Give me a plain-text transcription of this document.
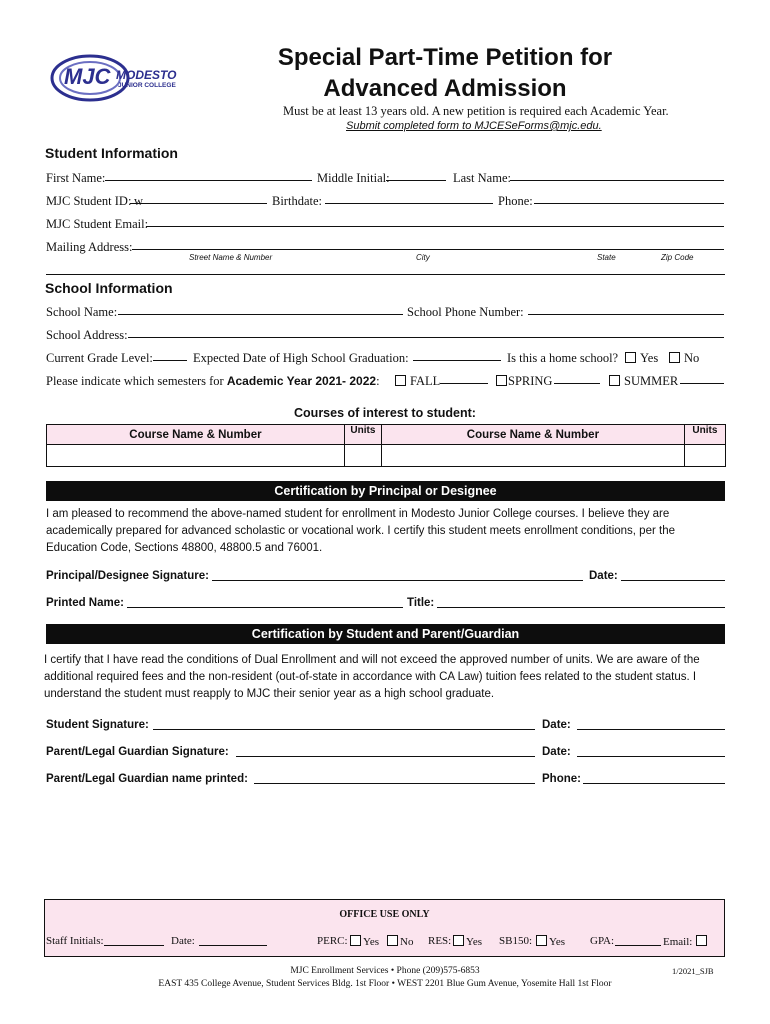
MJC MODESTO
JUNIOR COLLEGE
Special Part-Time Petition for
Advanced Admission
Must be at least 13 years old. A new petition is required each Academic Year.
Submit completed form to MJCESeForms@mjc.edu.
Student Information
First Name:	Middle Initial:	Last Name:
MJC Student ID: w	Birthdate:	Phone:
MJC Student Email:
Mailing Address:
Street Name & Number	City	State	Zip Code
School Information
School Name:	School Phone Number:
School Address:
Current Grade Level:	Expected Date of High School Graduation:	Is this a home school?	Yes	No
Please indicate which semesters for Academic Year 2021- 2022:	FALL	SPRING	SUMMER
Courses of interest to student:
Course Name & Number	Units	Course Name & Number	Units

Certification by Principal or Designee
I am pleased to recommend the above-named student for enrollment in Modesto Junior College courses. I believe they are academically prepared for advanced scholastic or vocational work. I certify this student meets enrollment conditions, per the Education Code, Sections 48800, 48800.5 and 76001.
Principal/Designee Signature:	Date:
Printed Name:	Title:
Certification by Student and Parent/Guardian
I certify that I have read the conditions of Dual Enrollment and will not exceed the approved number of units. We are aware of the additional required fees and the non-resident (out-of-state in accordance with CA Law) tuition fees related to the student status. I understand the student must reapply to MJC their senior year as a high school graduate.
Student Signature:	Date:
Parent/Legal Guardian Signature:	Date:
Parent/Legal Guardian name printed:	Phone:
OFFICE USE ONLY
Staff Initials:	Date:	PERC:	Yes	No RES:	Yes SB150:	Yes GPA:	Email:
MJC Enrollment Services • Phone (209)575-6853
EAST 435 College Avenue, Student Services Bldg. 1st Floor • WEST 2201 Blue Gum Avenue, Yosemite Hall 1st Floor
1/2021_SJB
